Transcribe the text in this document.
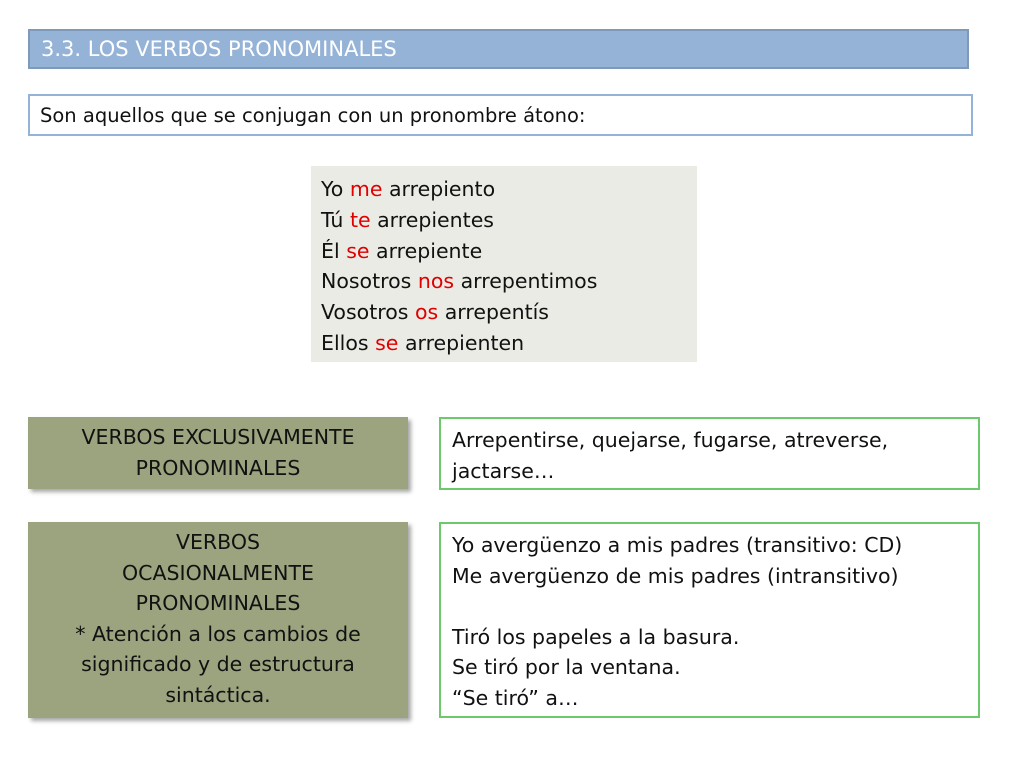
3.3. LOS VERBOS PRONOMINALES
Son aquellos que se conjugan con un pronombre átono:
Yo me arrepiento
Tú te arrepientes
Él se arrepiente
Nosotros nos arrepentimos
Vosotros os arrepentís
Ellos se arrepienten
VERBOS EXCLUSIVAMENTE
PRONOMINALES
Arrepentirse, quejarse, fugarse, atreverse,
jactarse…
VERBOS
OCASIONALMENTE
PRONOMINALES
* Atención a los cambios de
significado y de estructura
sintáctica.
Yo avergüenzo a mis padres (transitivo: CD)
Me avergüenzo de mis padres (intransitivo)
Tiró los papeles a la basura.
Se tiró por la ventana.
“Se tiró” a…
